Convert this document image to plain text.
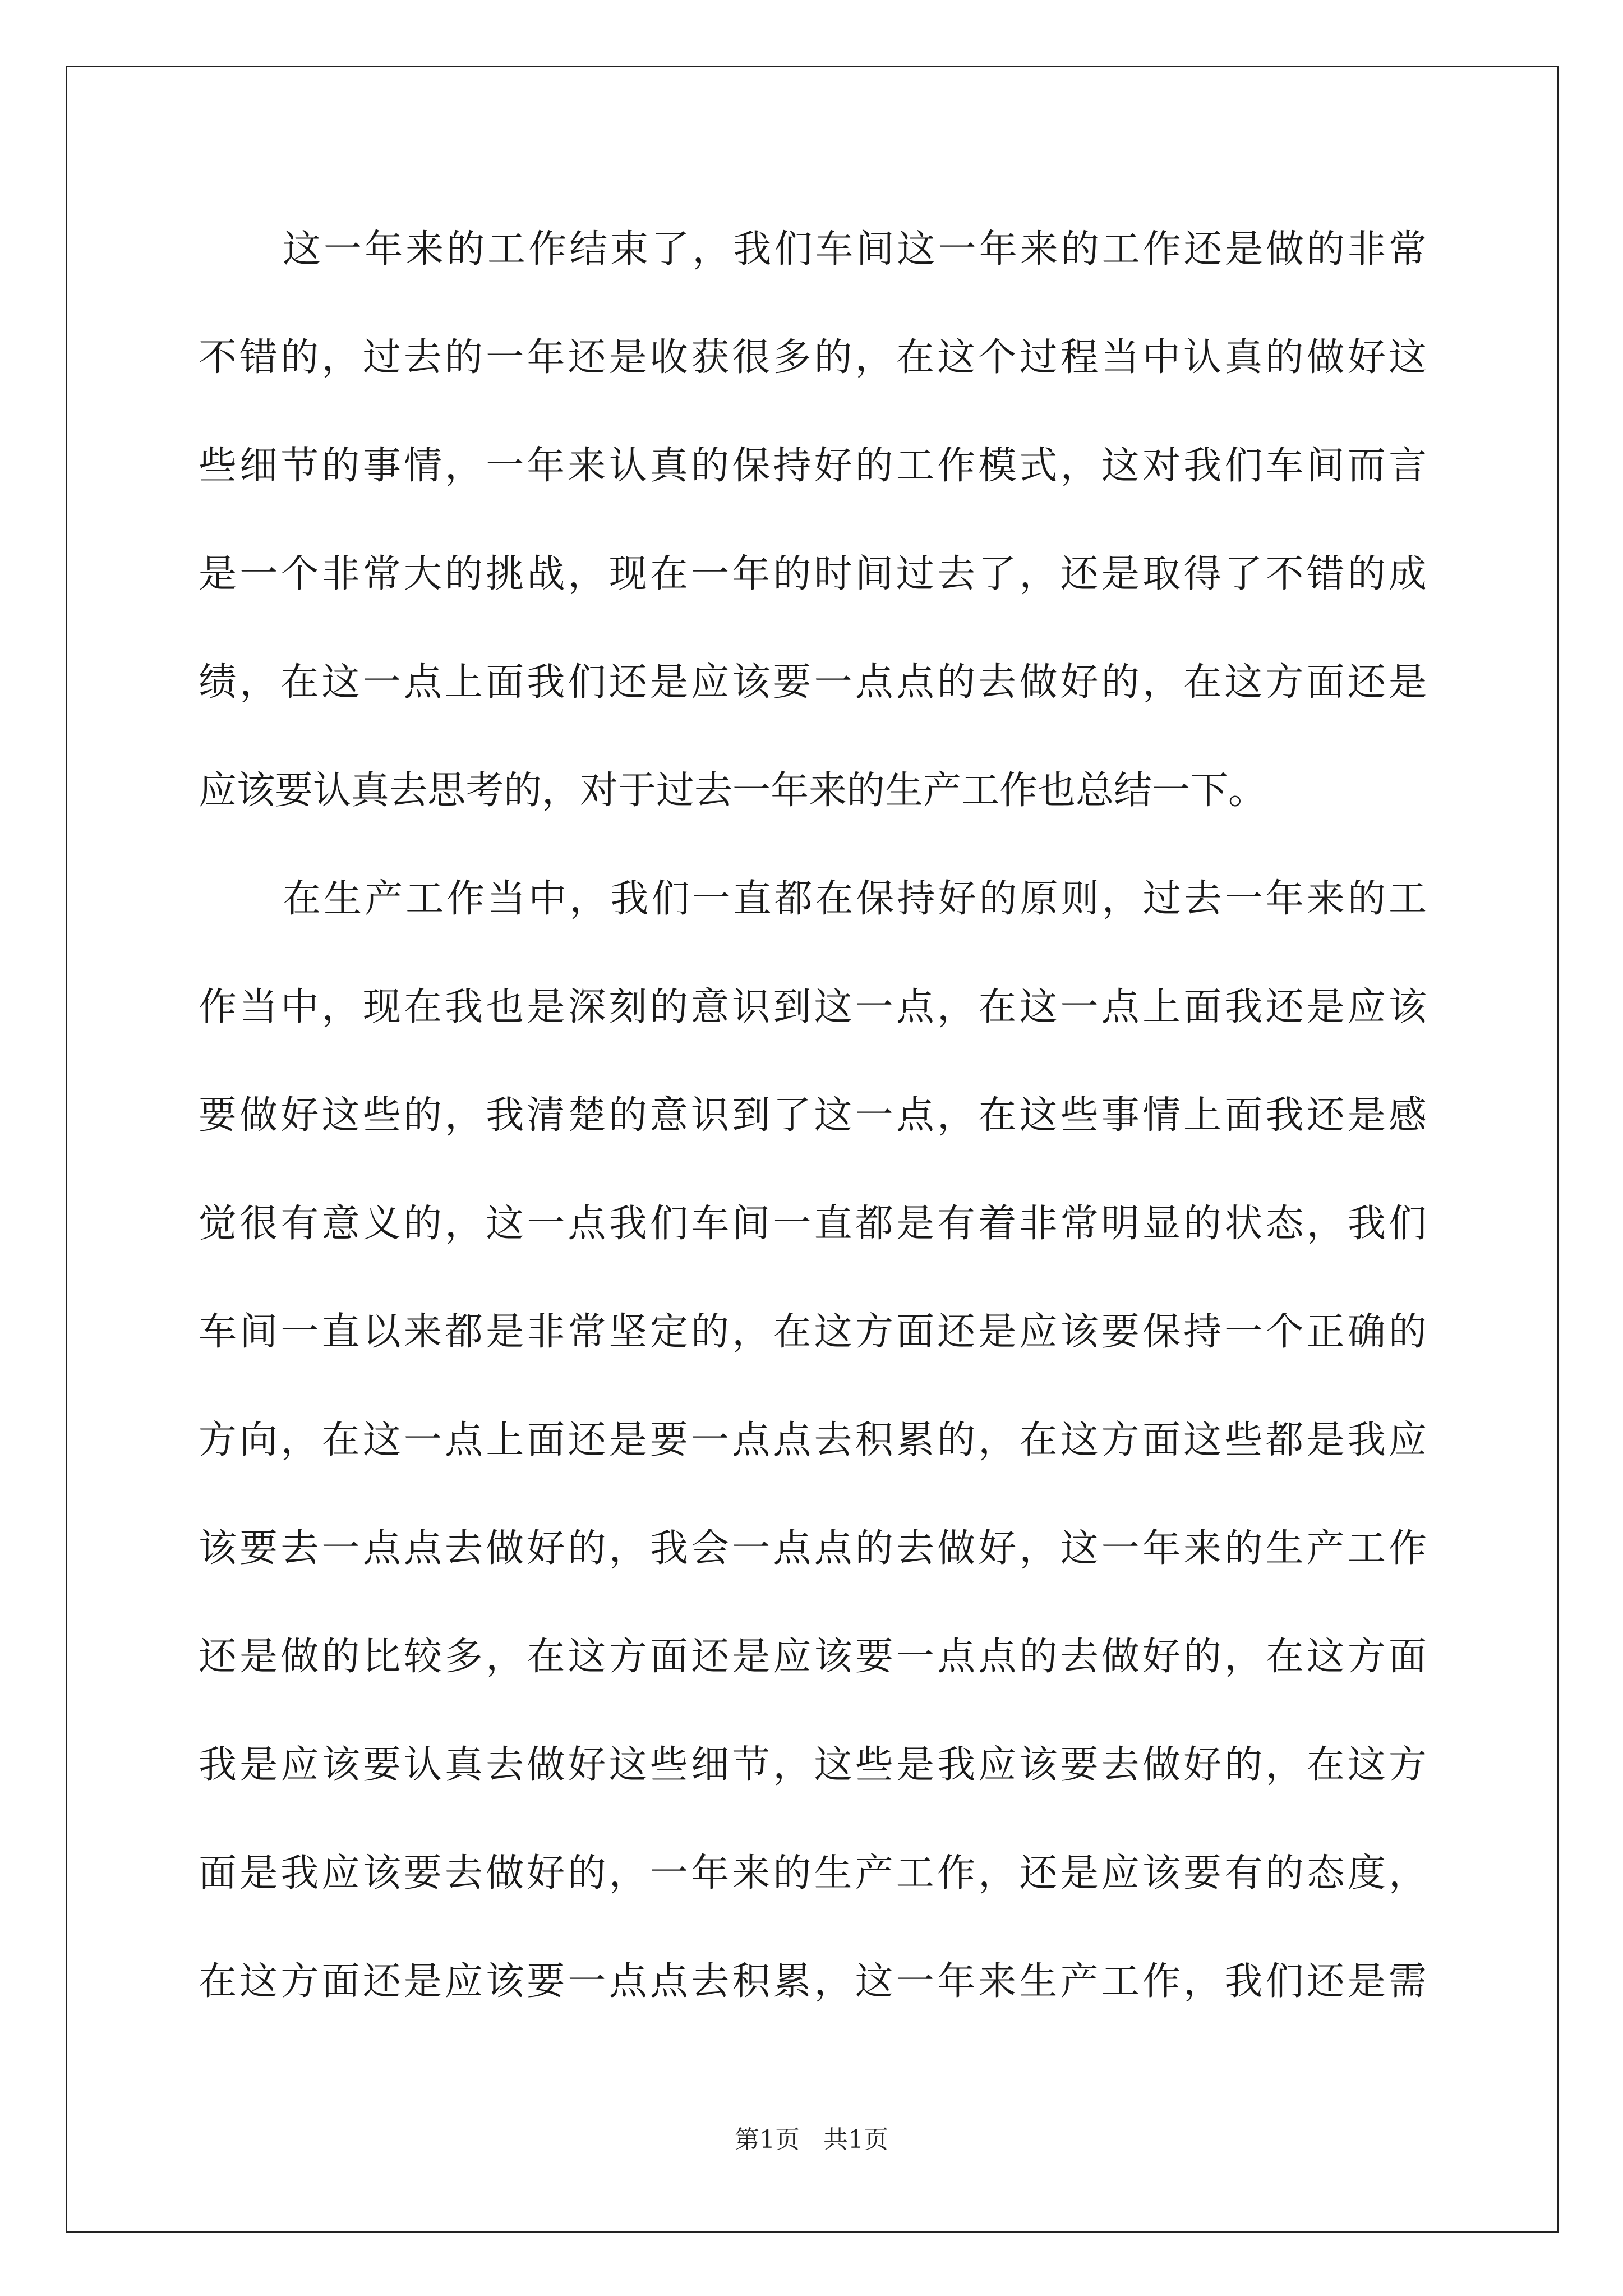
这一年来的工作结束了，我们车间这一年来的工作还是做的非常
不错的，过去的一年还是收获很多的，在这个过程当中认真的做好这
些细节的事情，一年来认真的保持好的工作模式，这对我们车间而言
是一个非常大的挑战，现在一年的时间过去了，还是取得了不错的成
绩，在这一点上面我们还是应该要一点点的去做好的，在这方面还是
应该要认真去思考的，对于过去一年来的生产工作也总结一下。
在生产工作当中，我们一直都在保持好的原则，过去一年来的工
作当中，现在我也是深刻的意识到这一点，在这一点上面我还是应该
要做好这些的，我清楚的意识到了这一点，在这些事情上面我还是感
觉很有意义的，这一点我们车间一直都是有着非常明显的状态，我们
车间一直以来都是非常坚定的，在这方面还是应该要保持一个正确的
方向，在这一点上面还是要一点点去积累的，在这方面这些都是我应
该要去一点点去做好的，我会一点点的去做好，这一年来的生产工作
还是做的比较多，在这方面还是应该要一点点的去做好的，在这方面
我是应该要认真去做好这些细节，这些是我应该要去做好的，在这方
面是我应该要去做好的，一年来的生产工作，还是应该要有的态度，
在这方面还是应该要一点点去积累，这一年来生产工作，我们还是需
第1页 共1页
